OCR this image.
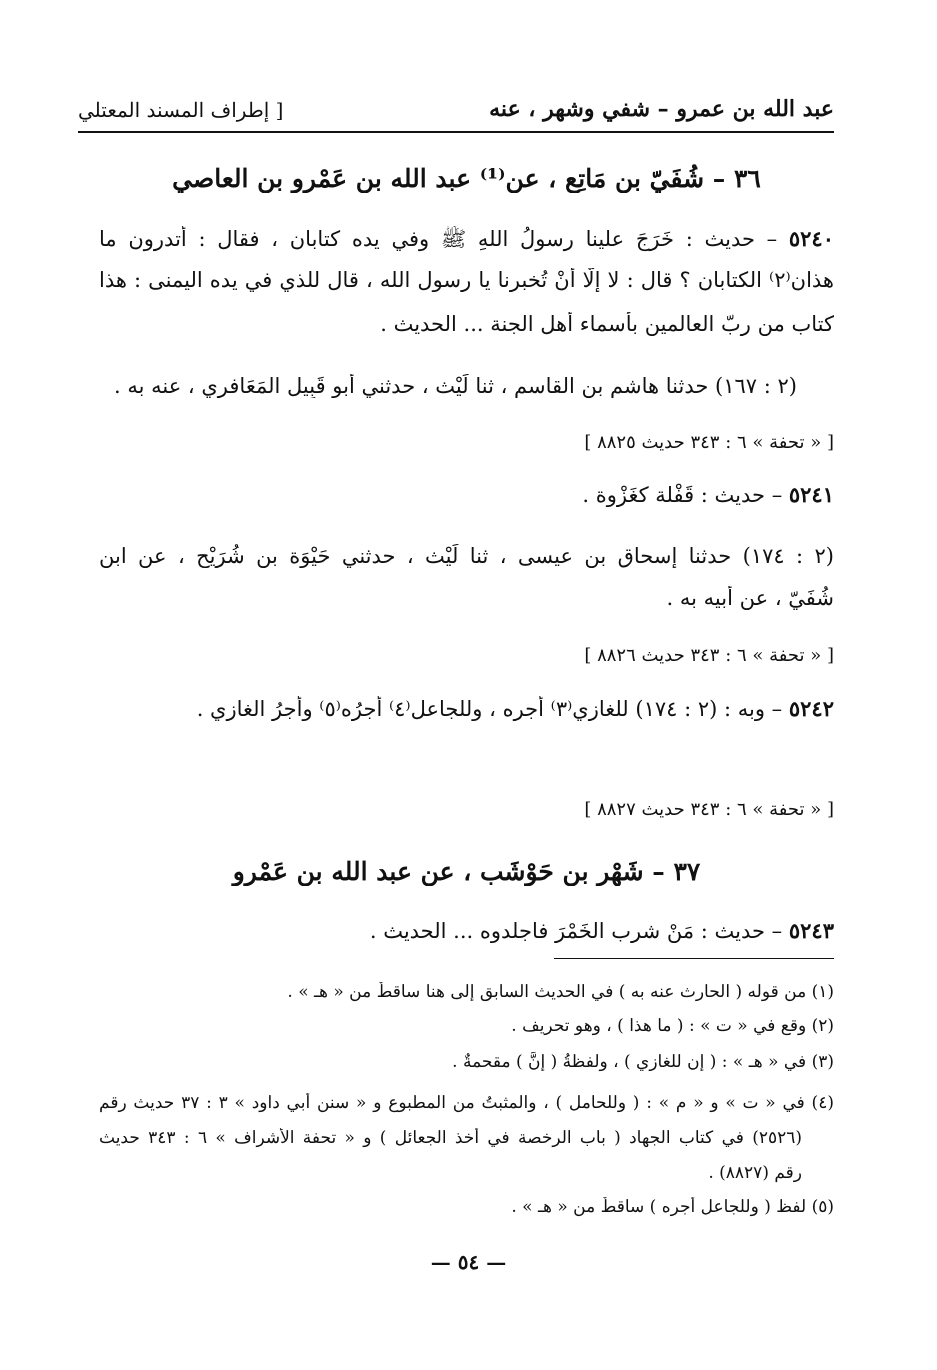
عبد الله بن عمرو – شفي وشهر ، عنه
[ إطراف المسند المعتلي
٣٦ – شُفَيّ بن مَاتِع ، عن⁽¹⁾ عبد الله بن عَمْرو بن العاصي
٥٢٤٠ – حديث : خَرَجَ علينا رسولُ اللهِ ﷺ وفي يده كتابان ، فقال : أتدرون ما
هذان⁽٢⁾ الكتابان ؟ قال : لا إلّا أنْ تُخبرنا يا رسول الله ، قال للذي في يده اليمنى : هذا
كتاب من ربّ العالمين بأسماء أهل الجنة ... الحديث .
(٢ : ١٦٧) حدثنا هاشم بن القاسم ، ثنا لَيْث ، حدثني أبو قَبِيل المَعَافري ، عنه به .
[ « تحفة » ٦ : ٣٤٣ حديث ٨٨٢٥ ]
٥٢٤١ – حديث : قَفْلة كغَزْوة .
(٢ : ١٧٤) حدثنا إسحاق بن عيسى ، ثنا لَيْث ، حدثني حَيْوَة بن شُرَيْح ، عن ابن
شُفَيّ ، عن أبيه به .
[ « تحفة » ٦ : ٣٤٣ حديث ٨٨٢٦ ]
٥٢٤٢ – وبه : (٢ : ١٧٤) للغازي⁽٣⁾ أجره ، وللجاعل⁽٤⁾ أجرُه⁽٥⁾ وأجرُ الغازي .
[ « تحفة » ٦ : ٣٤٣ حديث ٨٨٢٧ ]
٣٧ – شَهْر بن حَوْشَب ، عن عبد الله بن عَمْرو
٥٢٤٣ – حديث : مَنْ شرب الخَمْرَ فاجلدوه ... الحديث .
(١) من قوله ( الحارث عنه به ) في الحديث السابق إلى هنا ساقطٌ من « هـ » .
(٢) وقع في « ت » : ( ما هذا ) ، وهو تحريف .
(٣) في « هـ » : ( إن للغازي ) ، ولفظةُ ( إنَّ ) مقحمةٌ .
(٤) في « ت » و « م » : ( وللحامل ) ، والمثبتُ من المطبوع و « سنن أبي داود » ٣ : ٣٧ حديث رقم
(٢٥٢٦) في كتاب الجهاد ( باب الرخصة في أخذ الجعائل ) و « تحفة الأشراف » ٦ : ٣٤٣ حديث
رقم (٨٨٢٧) .
(٥) لفظ ( وللجاعل أجره ) ساقطٌ من « هـ » .
— ٥٤ —
